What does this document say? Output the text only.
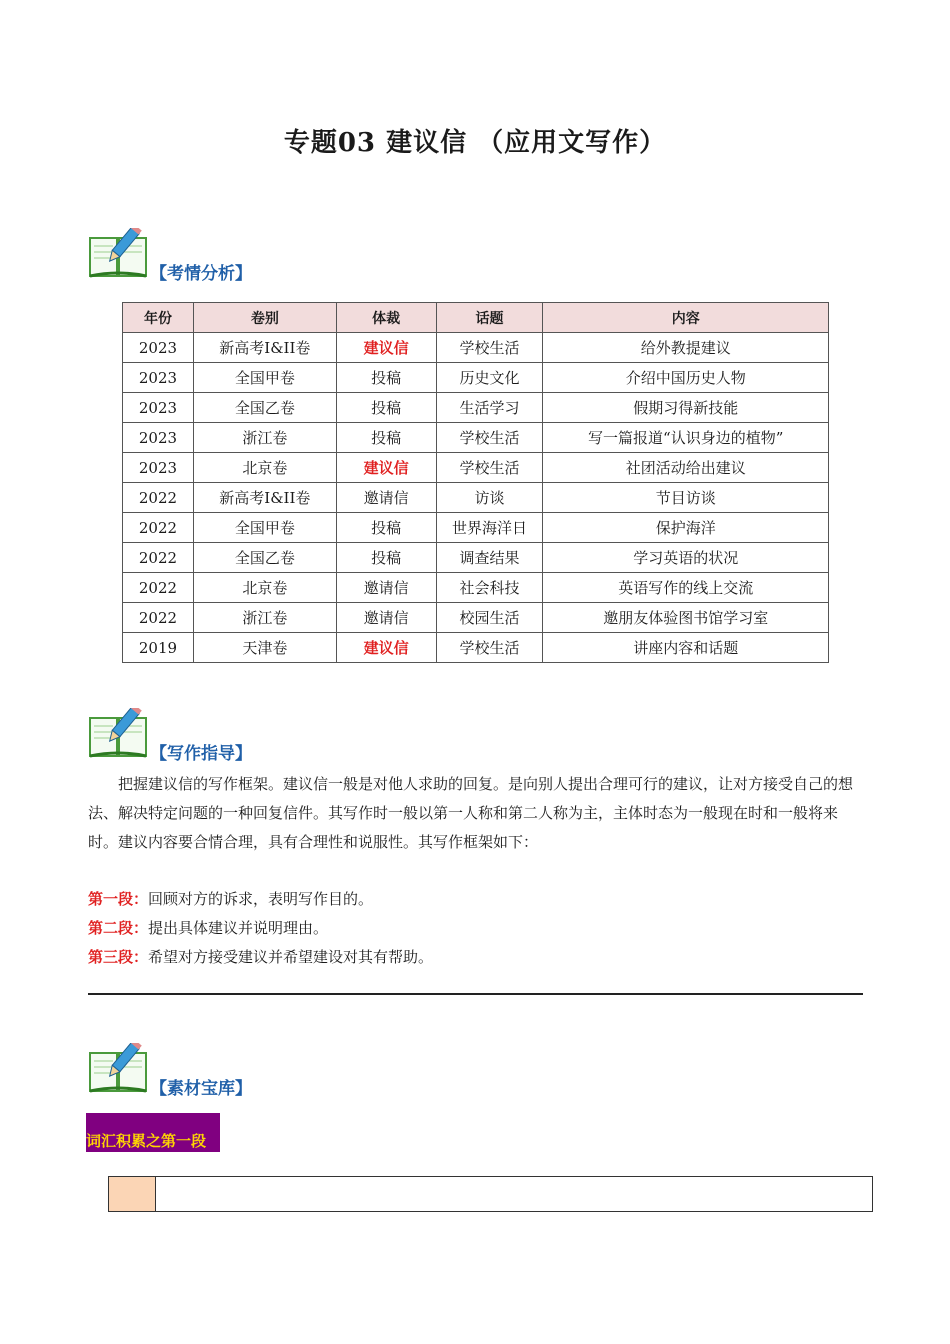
专题03 建议信 （应用文写作）
【考情分析】
年份	卷别	体裁	话题	内容
2023	新高考I&II卷	建议信	学校生活	给外教提建议
2023	全国甲卷	投稿	历史文化	介绍中国历史人物
2023	全国乙卷	投稿	生活学习	假期习得新技能
2023	浙江卷	投稿	学校生活	写一篇报道“认识身边的植物”
2023	北京卷	建议信	学校生活	社团活动给出建议
2022	新高考I&II卷	邀请信	访谈	节目访谈
2022	全国甲卷	投稿	世界海洋日	保护海洋
2022	全国乙卷	投稿	调查结果	学习英语的状况
2022	北京卷	邀请信	社会科技	英语写作的线上交流
2022	浙江卷	邀请信	校园生活	邀朋友体验图书馆学习室
2019	天津卷	建议信	学校生活	讲座内容和话题
【写作指导】

把握建议信的写作框架。建议信一般是对他人求助的回复。是向别人提出合理可行的建议，让对方接受自己的想法、解决特定问题的一种回复信件。其写作时一般以第一人称和第二人称为主，主体时态为一般现在时和一般将来时。建议内容要合情合理，具有合理性和说服性。其写作框架如下：

第一段：回顾对方的诉求，表明写作目的。
第二段：提出具体建议并说明理由。
第三段：希望对方接受建议并希望建设对其有帮助。
【素材宝库】
词汇积累之第一段
